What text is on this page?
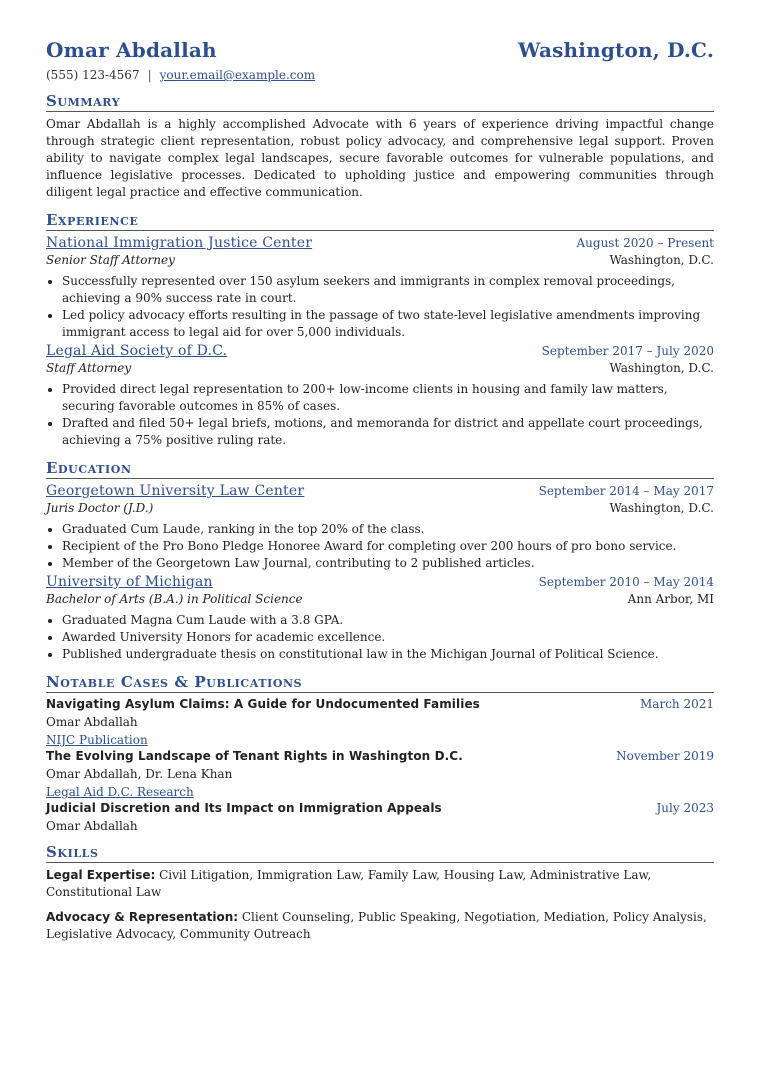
Omar Abdallah	Washington, D.C.
(555) 123-4567 | your.email@example.com
Summary
Omar Abdallah is a highly accomplished Advocate with 6 years of experience driving impactful change through strategic client representation, robust policy advocacy, and comprehensive legal support. Proven ability to navigate complex legal landscapes, secure favorable outcomes for vulnerable populations, and influence legislative processes. Dedicated to upholding justice and empowering communities through diligent legal practice and effective communication.
Experience
National Immigration Justice Center	August 2020 – Present
Senior Staff Attorney	Washington, D.C.
• Successfully represented over 150 asylum seekers and immigrants in complex removal proceedings, achieving a 90% success rate in court.
• Led policy advocacy efforts resulting in the passage of two state-level legislative amendments improving immigrant access to legal aid for over 5,000 individuals.
Legal Aid Society of D.C.	September 2017 – July 2020
Staff Attorney	Washington, D.C.
• Provided direct legal representation to 200+ low-income clients in housing and family law matters, securing favorable outcomes in 85% of cases.
• Drafted and filed 50+ legal briefs, motions, and memoranda for district and appellate court proceedings, achieving a 75% positive ruling rate.
Education
Georgetown University Law Center	September 2014 – May 2017
Juris Doctor (J.D.)	Washington, D.C.
• Graduated Cum Laude, ranking in the top 20% of the class.
• Recipient of the Pro Bono Pledge Honoree Award for completing over 200 hours of pro bono service.
• Member of the Georgetown Law Journal, contributing to 2 published articles.
University of Michigan	September 2010 – May 2014
Bachelor of Arts (B.A.) in Political Science	Ann Arbor, MI
• Graduated Magna Cum Laude with a 3.8 GPA.
• Awarded University Honors for academic excellence.
• Published undergraduate thesis on constitutional law in the Michigan Journal of Political Science.
Notable Cases & Publications
Navigating Asylum Claims: A Guide for Undocumented Families	March 2021
Omar Abdallah
NIJC Publication
The Evolving Landscape of Tenant Rights in Washington D.C.	November 2019
Omar Abdallah, Dr. Lena Khan
Legal Aid D.C. Research
Judicial Discretion and Its Impact on Immigration Appeals	July 2023
Omar Abdallah
Skills
Legal Expertise: Civil Litigation, Immigration Law, Family Law, Housing Law, Administrative Law, Constitutional Law
Advocacy & Representation: Client Counseling, Public Speaking, Negotiation, Mediation, Policy Analysis, Legislative Advocacy, Community Outreach
